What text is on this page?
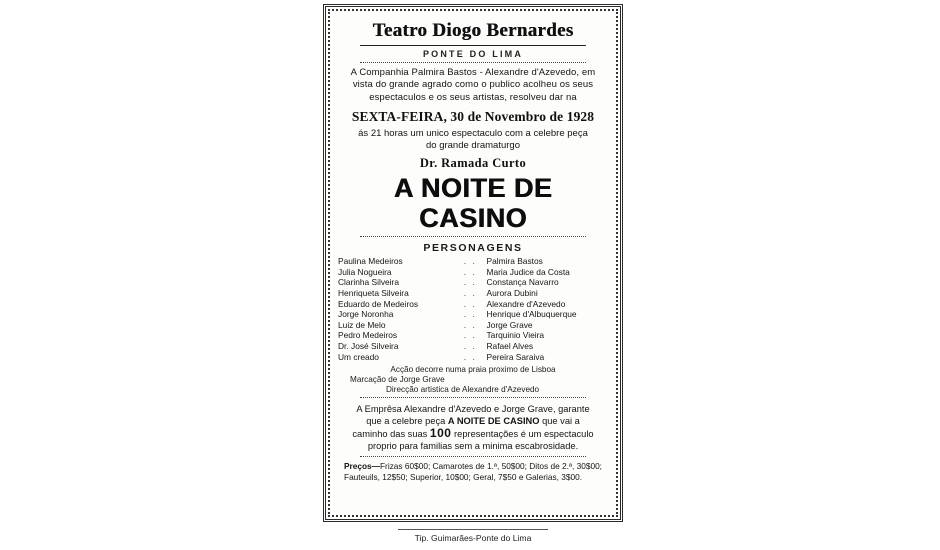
Teatro Diogo Bernardes
PONTE DO LIMA
A Companhia Palmira Bastos - Alexandre d'Azevedo, em vista do grande agrado como o publico acolheu os seus espectaculos e os seus artistas, resolveu dar na
SEXTA-FEIRA, 30 de Novembro de 1928
ás 21 horas um unico espectaculo com a celebre peça do grande dramaturgo
Dr. Ramada Curto
A NOITE DE CASINO
PERSONAGENS
Paulina Medeiros	. .	Palmira Bastos
Julia Nogueira	. .	Maria Judice da Costa
Clarinha Silveira	. .	Constança Navarro
Henriqueta Silveira	. .	Aurora Dubini
Eduardo de Medeiros	. .	Alexandre d'Azevedo
Jorge Noronha	. .	Henrique d'Albuquerque
Luiz de Melo	. .	Jorge Grave
Pedro Medeiros	. .	Tarquinio Vieira
Dr. José Silveira	. .	Rafael Alves
Um creado	. .	Pereira Saraiva
Acção decorre numa praia proximo de Lisboa
Marcação de Jorge Grave
Direcção artistica de Alexandre d'Azevedo
A Emprêsa Alexandre d'Azevedo e Jorge Grave, garante que a celebre peça A NOITE DE CASINO que vai a caminho das suas 100 representações é um espectaculo proprio para familias sem a minima escabrosidade.
Preços—Frizas 60$00; Camarotes de 1.ª, 50$00; Ditos de 2.ª, 30$00; Fauteuils, 12$50; Superior, 10$00; Geral, 7$50 e Galerias, 3$00.
Tip. Guimarães-Ponte do Lima
